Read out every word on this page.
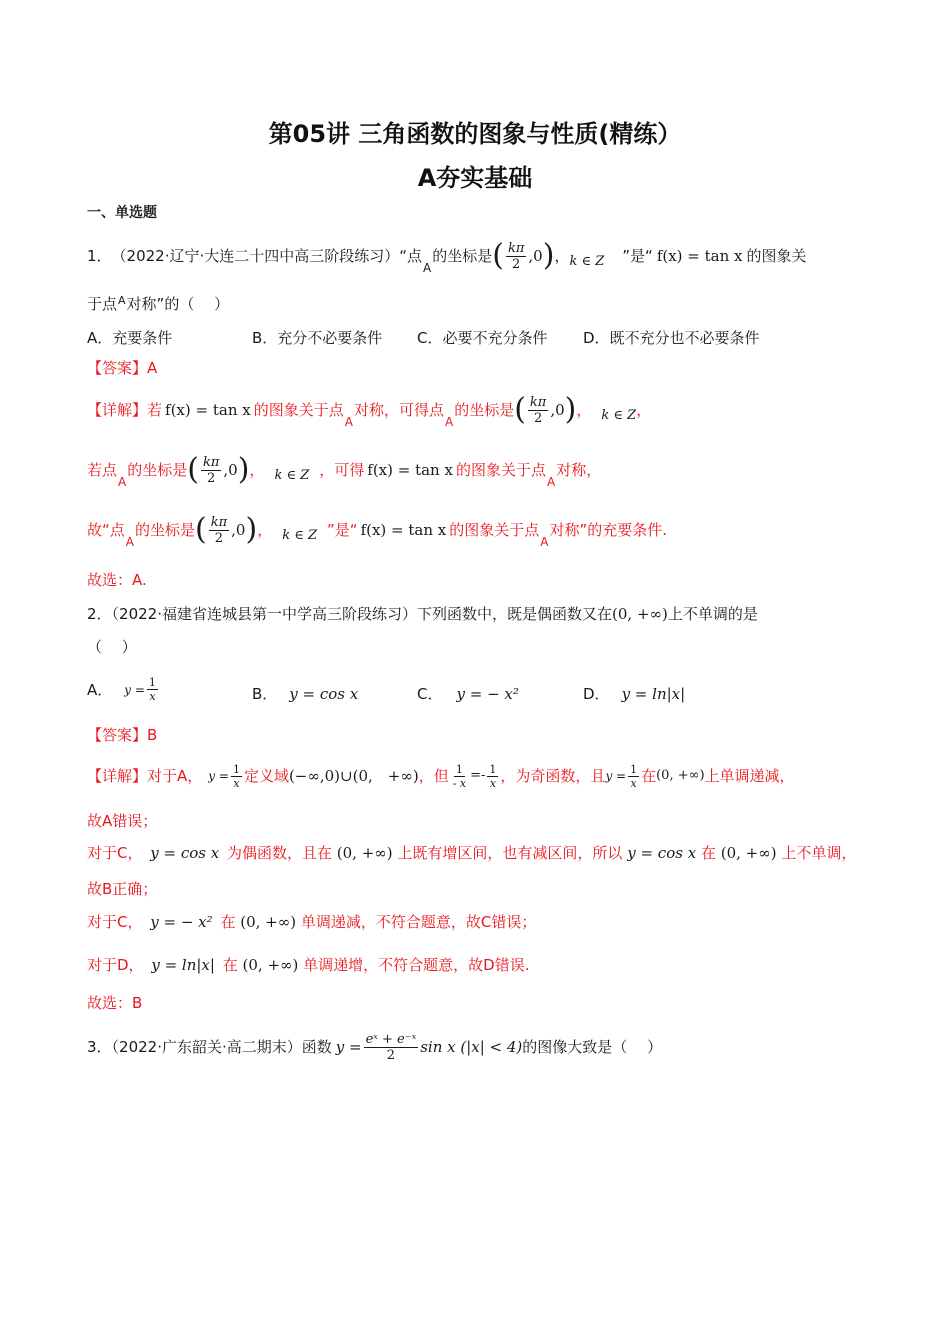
第05讲 三角函数的图象与性质(精练）
A夯实基础
一、单选题
1． （2022·辽宁·大连二十四中高三阶段练习）“点
A
的坐标是 ( $\frac{k\pi}{2} ,0$ ) ， k ∈ Z ”是“ f(x) = tan x 的图象关
于点$^A$对称”的（　 ）
A．充要条件	B．充分不必要条件 C．必要不充分条件 D．既不充分也不必要条件
【答案】A
【详解】 若 f(x) = tan x 的图象关于点
A
对称，可得点
A
的坐标是 ( $\frac{k\pi}{2} ,0$ ) ， k ∈ Z ，
若点
A
的坐标是 ( $\frac{k\pi}{2} ,0$ ) ， k ∈ Z ，可得 f(x) = tan x 的图象关于点
A
对称，
故“点
A
的坐标是 ( $\frac{k\pi}{2} ,0$ ) ， k ∈ Z ”是“ f(x) = tan x 的图象关于点
A
对称”的充要条件.
故选：A.
2．（2022·福建省连城县第一中学高三阶段练习）下列函数中，既是偶函数又在(0, +∞)上不单调的是
（　 ）
A． $y = \frac{1}{x}$	B． y = cos x	C． y = − x²	D． y = ln|x|
【答案】B
【详解】 对于A， $y = \frac{1}{x}$ 定义域 (−∞,0)∪(0,　+∞) ，但 $\frac{1}{- x} =- \frac{1}{x}$ ，为奇函数，且 $y = \frac{1}{x}$ 在 (0, +∞) 上单调递减，
故A错误；
对于C， y = cos x 为偶函数，且在 (0, +∞) 上既有增区间，也有减区间，所以 y = cos x 在 (0, +∞) 上不单调，
故B正确；
对于C， y = − x² 在 (0, +∞) 单调递减，不符合题意，故C错误；
对于D， y = ln|x| 在 (0, +∞) 单调递增，不符合题意，故D错误.
故选：B
3．（2022·广东韶关·高二期末）函数 $y = \frac{\text{eˣ + e⁻ˣ}}{2}$ sin x (|x| < 4) 的图像大致是（　 ）
